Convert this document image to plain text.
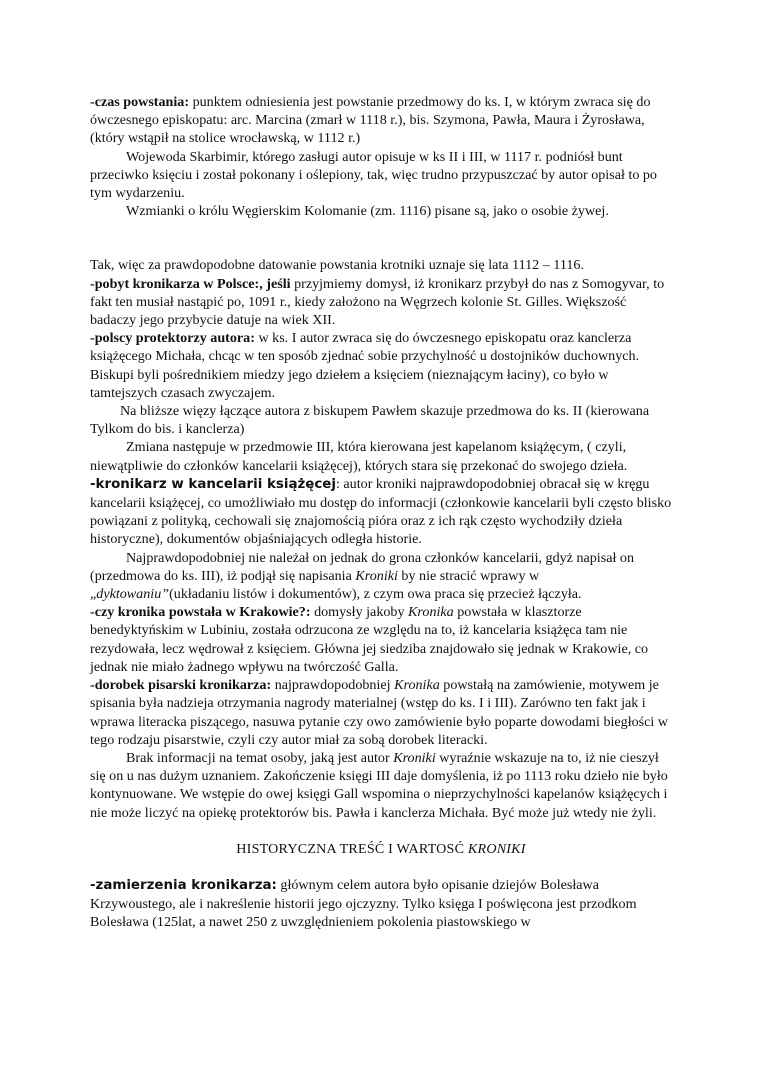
-czas powstania: punktem odniesienia jest powstanie przedmowy do ks. I, w którym zwraca się do ówczesnego episkopatu: arc. Marcina (zmarł w 1118 r.), bis. Szymona, Pawła, Maura i Żyrosława, (który wstąpił na stolice wrocławską, w 1112 r.)

Wojewoda Skarbimir, którego zasługi autor opisuje w ks II i III, w 1117 r. podniósł bunt przeciwko księciu i został pokonany i oślepiony, tak, więc trudno przypuszczać by autor opisał to po tym wydarzeniu.

Wzmianki o królu Węgierskim Kolomanie (zm. 1116) pisane są, jako o osobie żywej.

Tak, więc za prawdopodobne datowanie powstania krotniki uznaje się lata 1112 – 1116.

-pobyt kronikarza w Polsce:, jeśli przyjmiemy domysł, iż kronikarz przybył do nas z Somogyvar, to fakt ten musiał nastąpić po, 1091 r., kiedy założono na Węgrzech kolonie St. Gilles. Większość badaczy jego przybycie datuje na wiek XII.

-polscy protektorzy autora: w ks. I autor zwraca się do ówczesnego episkopatu oraz kanclerza książęcego Michała, chcąc w ten sposób zjednać sobie przychylność u dostojników duchownych. Biskupi byli pośrednikiem miedzy jego dziełem a księciem (nieznającym łaciny), co było w tamtejszych czasach zwyczajem.

Na bliższe więzy łączące autora z biskupem Pawłem skazuje przedmowa do ks. II (kierowana Tylkom do bis. i kanclerza)

Zmiana następuje w przedmowie III, która kierowana jest kapelanom książęcym, ( czyli, niewątpliwie do członków kancelarii książęcej), których stara się przekonać do swojego dzieła.

-kronikarz w kancelarii książęcej: autor kroniki najprawdopodobniej obracał się w kręgu kancelarii książęcej, co umożliwiało mu dostęp do informacji (członkowie kancelarii byli często blisko powiązani z polityką, cechowali się znajomością pióra oraz z ich rąk często wychodziły dzieła historyczne), dokumentów objaśniających odległa historie.

Najprawdopodobniej nie należał on jednak do grona członków kancelarii, gdyż napisał on (przedmowa do ks. III), iż podjął się napisania Kroniki by nie stracić wprawy w „dyktowaniu”(układaniu listów i dokumentów), z czym owa praca się przecież łączyła.

-czy kronika powstała w Krakowie?: domysły jakoby Kronika powstała w klasztorze benedyktyńskim w Lubiniu, została odrzucona ze względu na to, iż kancelaria książęca tam nie rezydowała, lecz wędrował z księciem. Główna jej siedziba znajdowało się jednak w Krakowie, co jednak nie miało żadnego wpływu na twórczość Galla.

-dorobek pisarski kronikarza: najprawdopodobniej Kronika powstałą na zamówienie, motywem je spisania była nadzieja otrzymania nagrody materialnej (wstęp do ks. I i III). Zarówno ten fakt jak i wprawa literacka piszącego, nasuwa pytanie czy owo zamówienie było poparte dowodami biegłości w tego rodzaju pisarstwie, czyli czy autor miał za sobą dorobek literacki.

Brak informacji na temat osoby, jaką jest autor Kroniki wyraźnie wskazuje na to, iż nie cieszył się on u nas dużym uznaniem. Zakończenie księgi III daje domyślenia, iż po 1113 roku dzieło nie było kontynuowane. We wstępie do owej księgi Gall wspomina o nieprzychylności kapelanów książęcych i nie może liczyć na opiekę protektorów bis. Pawła i kanclerza Michała. Być może już wtedy nie żyli.

HISTORYCZNA TREŚĆ I WARTOSĆ KRONIKI

-zamierzenia kronikarza: głównym celem autora było opisanie dziejów Bolesława Krzywoustego, ale i nakreślenie historii jego ojczyzny. Tylko księga I poświęcona jest przodkom Bolesława (125lat, a nawet 250 z uwzględnieniem pokolenia piastowskiego w
